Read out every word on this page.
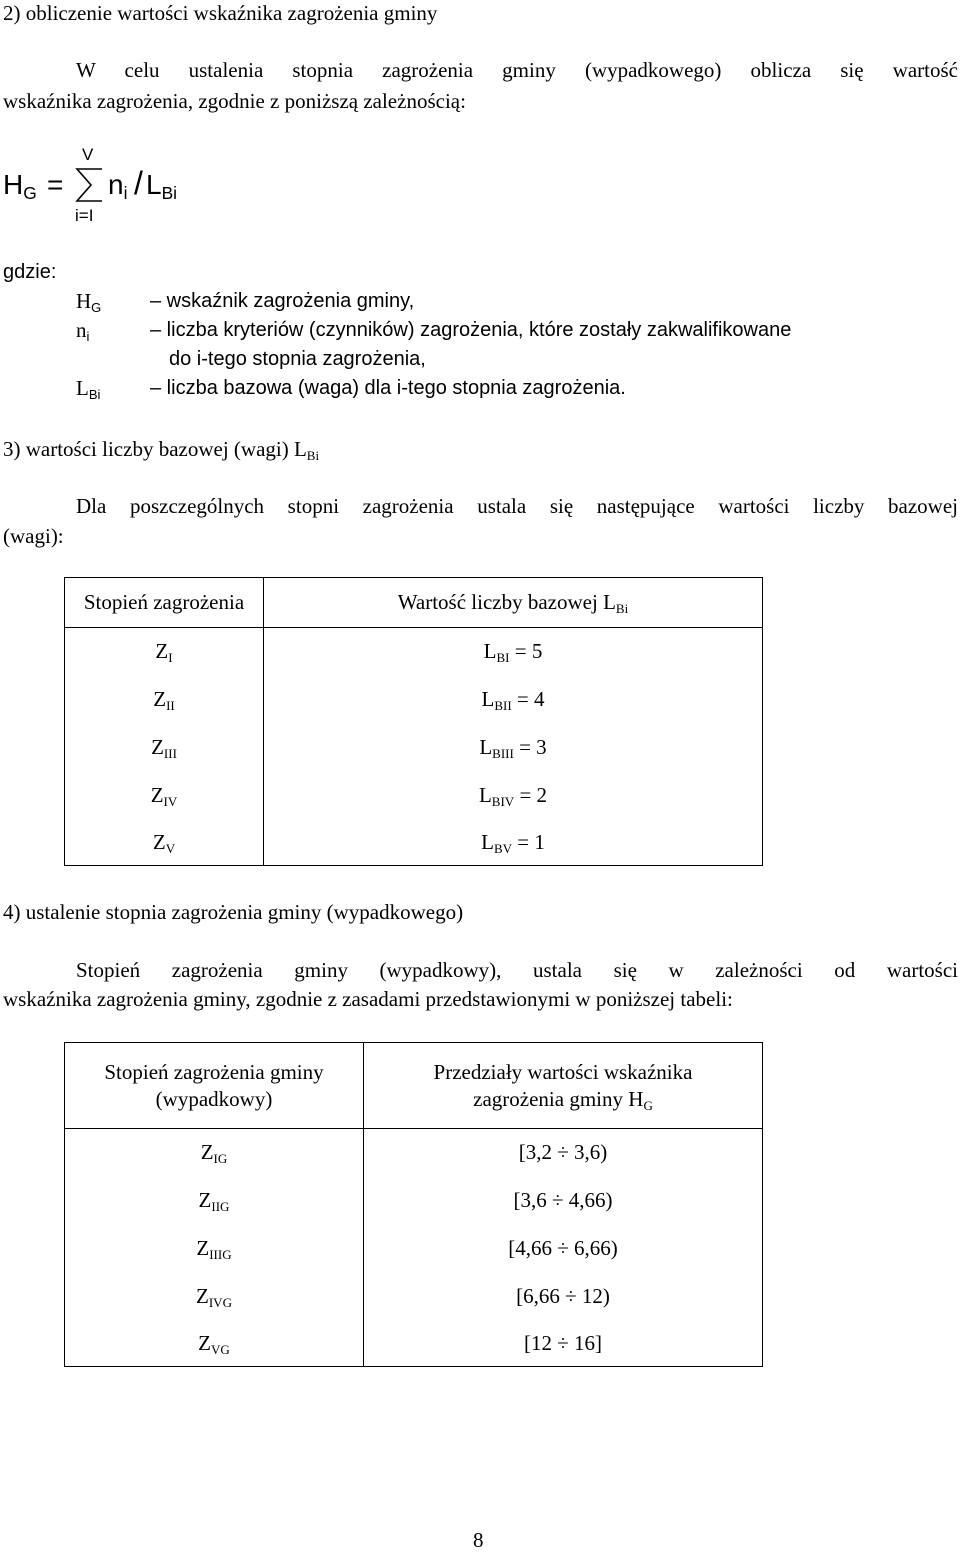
2) obliczenie wartości wskaźnika zagrożenia gminy
W celu ustalenia stopnia zagrożenia gminy (wypadkowego) oblicza się wartość
wskaźnika zagrożenia, zgodnie z poniższą zależnością:
$H_G$ =
V
i=I
$n_i / L_{Bi}$
gdzie:
$H_G$ – wskaźnik zagrożenia gminy,
$n_i$	– liczba kryteriów (czynników) zagrożenia, które zostały zakwalifikowane
do i-tego stopnia zagrożenia,
$L_{Bi}$ – liczba bazowa (waga) dla i-tego stopnia zagrożenia.
3) wartości liczby bazowej (wagi) $L_{Bi}$
Dla poszczególnych stopni zagrożenia ustala się następujące wartości liczby bazowej
(wagi):
Stopień zagrożenia	Wartość liczby bazowej $L_{Bi}$
$Z_I$	$L_{BI} = 5$
$Z_{II}$	$L_{BII} = 4$
$Z_{III}$	$L_{BIII} = 3$
$Z_{IV}$	$L_{BIV} = 2$
$Z_V$	$L_{BV} = 1$
4) ustalenie stopnia zagrożenia gminy (wypadkowego)
Stopień zagrożenia gminy (wypadkowy), ustala się w zależności od wartości
wskaźnika zagrożenia gminy, zgodnie z zasadami przedstawionymi w poniższej tabeli:
Stopień zagrożenia gminy
(wypadkowy)	Przedziały wartości wskaźnika
zagrożenia gminy $H_G$
$Z_{IG}$	[3,2 ÷ 3,6)
$Z_{IIG}$	[3,6 ÷ 4,66)
$Z_{IIIG}$	[4,66 ÷ 6,66)
$Z_{IVG}$	[6,66 ÷ 12)
$Z_{VG}$	[12 ÷ 16]
8
